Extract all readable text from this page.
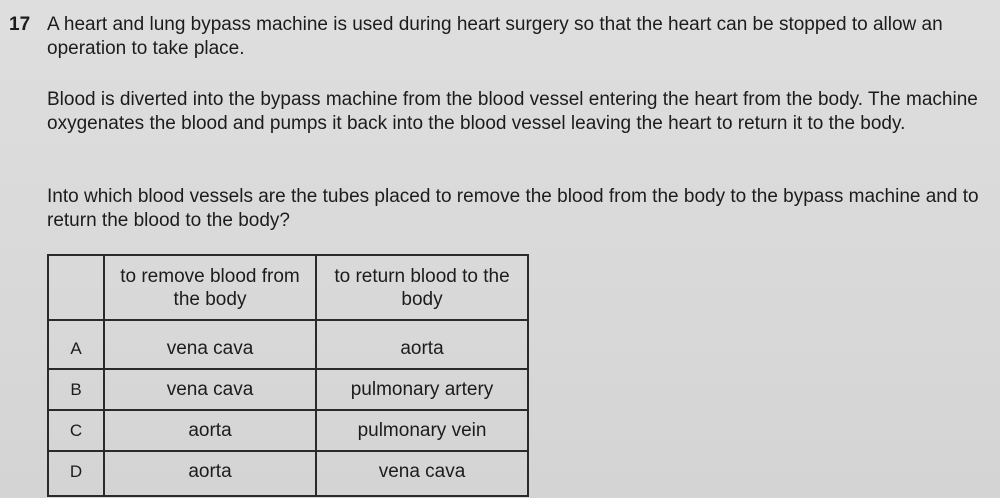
17 A heart and lung bypass machine is used during heart surgery so that the heart can be stopped to allow an operation to take place.

Blood is diverted into the bypass machine from the blood vessel entering the heart from the body. The machine oxygenates the blood and pumps it back into the blood vessel leaving the heart to return it to the body.

Into which blood vessels are the tubes placed to remove the blood from the body to the bypass machine and to return the blood to the body?

	to remove blood from the body	to return blood to the body
A	vena cava	aorta
B	vena cava	pulmonary artery
C	aorta	pulmonary vein
D	aorta	vena cava
